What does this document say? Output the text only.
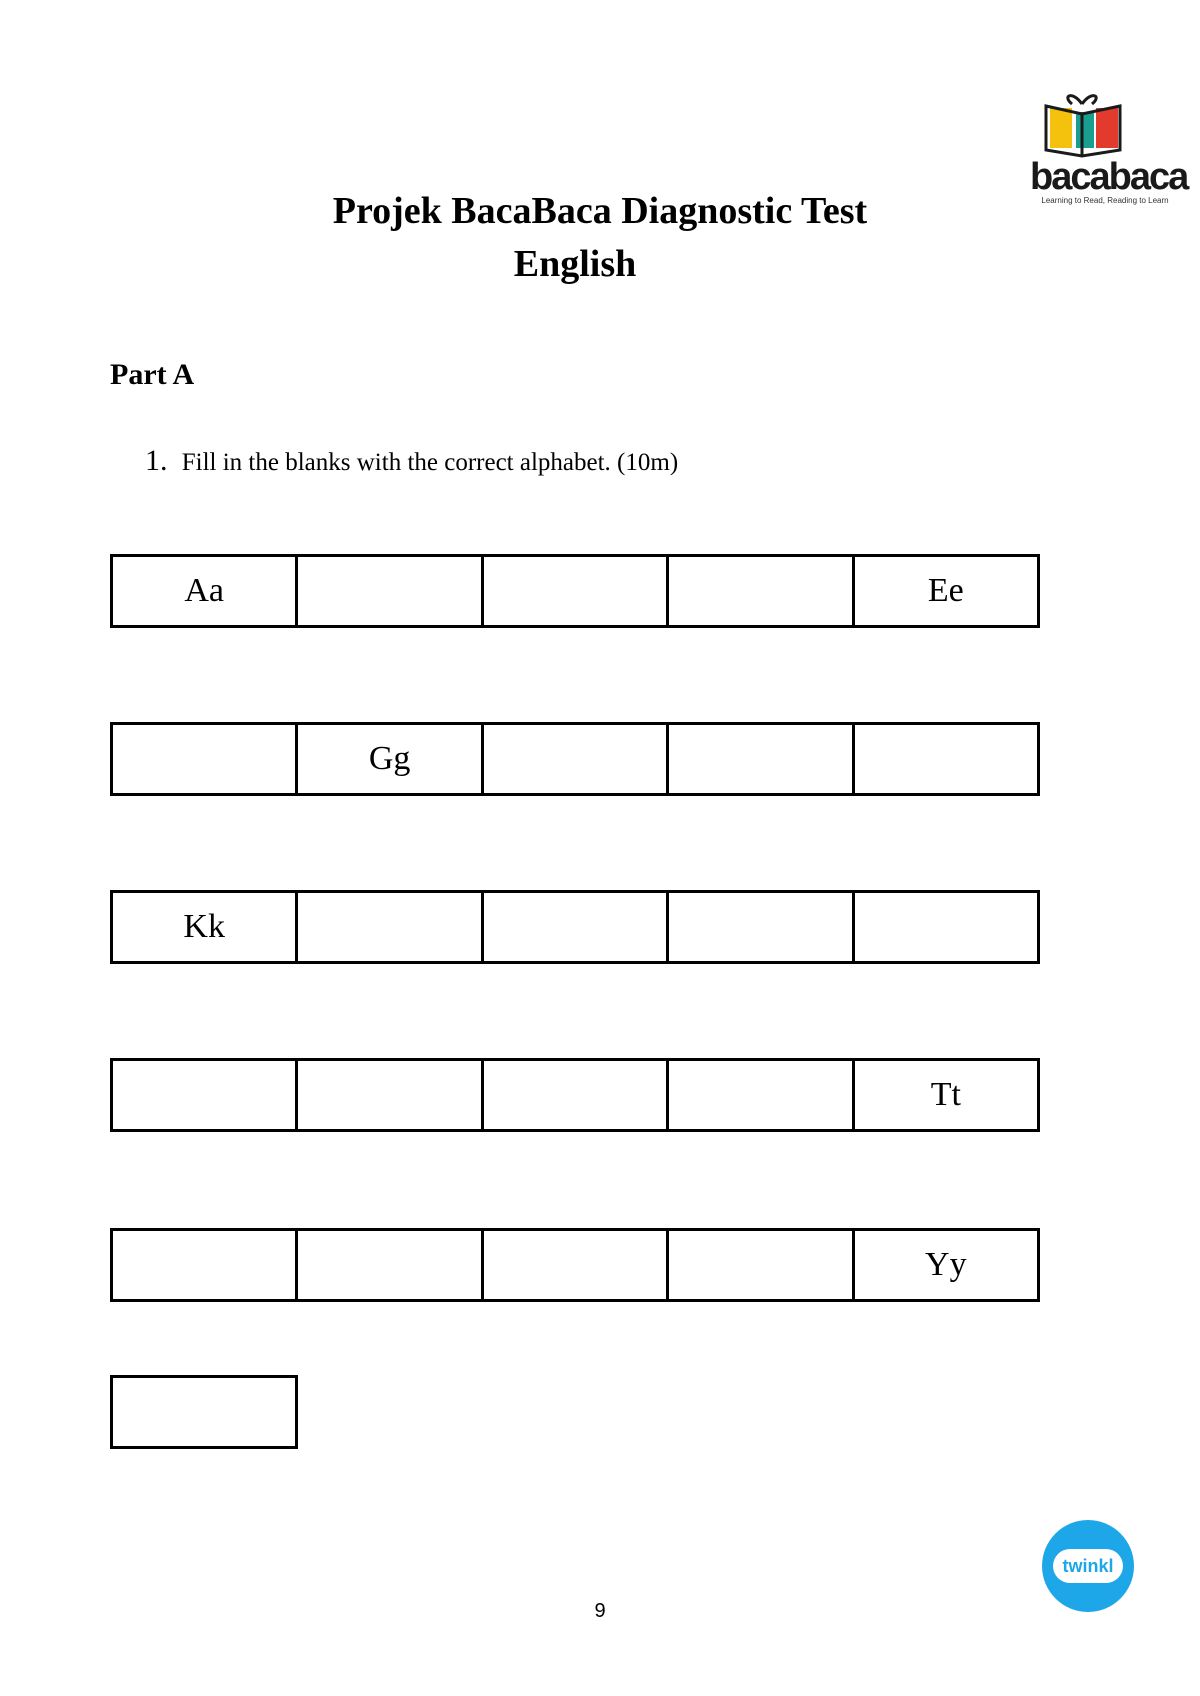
bacabaca
Learning to Read, Reading to Learn
Projek BacaBaca Diagnostic Test
English
Part A
1. Fill in the blanks with the correct alphabet. (10m)
Aa	Ee
Gg
Kk
Tt
Yy
twinkl
9
